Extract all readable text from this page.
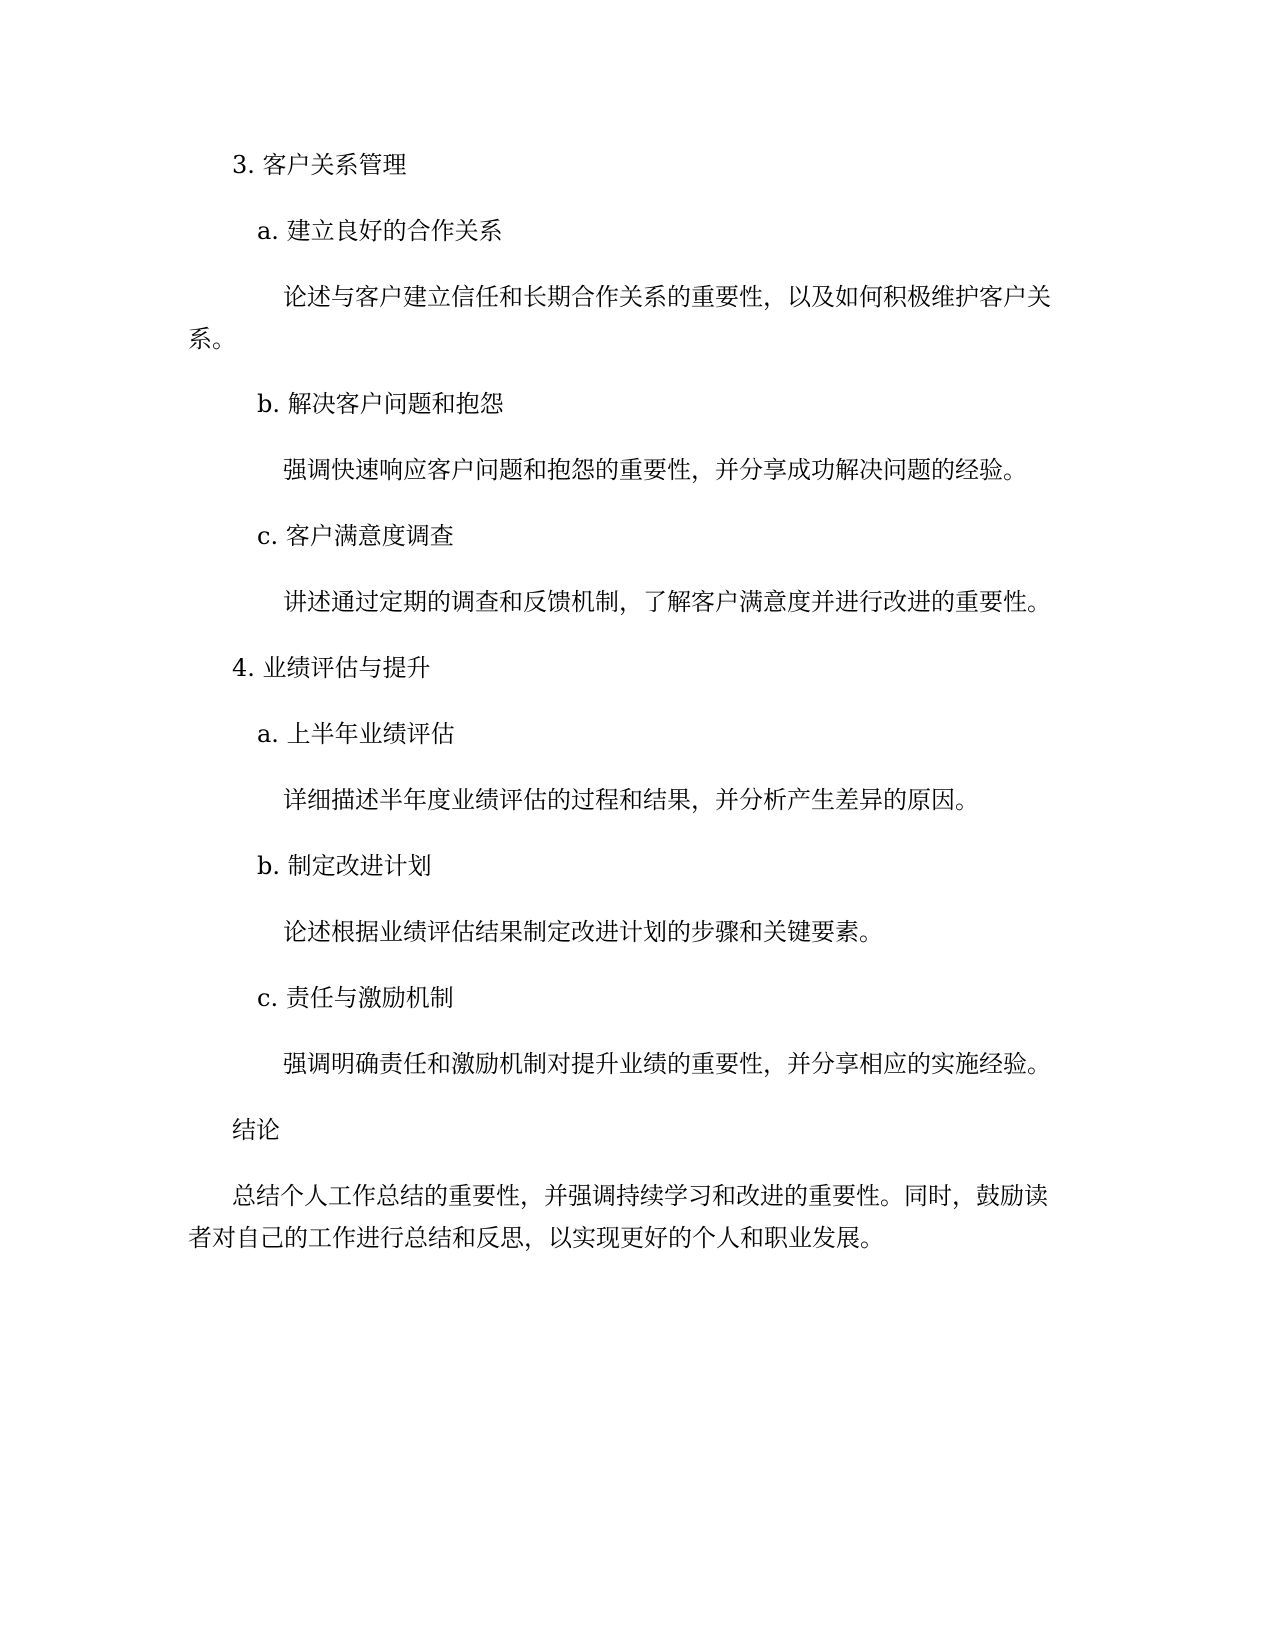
3. 客户关系管理

a. 建立良好的合作关系

论述与客户建立信任和长期合作关系的重要性，以及如何积极维护客户关

系。

b. 解决客户问题和抱怨

强调快速响应客户问题和抱怨的重要性，并分享成功解决问题的经验。

c. 客户满意度调查

讲述通过定期的调查和反馈机制，了解客户满意度并进行改进的重要性。

4. 业绩评估与提升

a. 上半年业绩评估

详细描述半年度业绩评估的过程和结果，并分析产生差异的原因。

b. 制定改进计划

论述根据业绩评估结果制定改进计划的步骤和关键要素。

c. 责任与激励机制

强调明确责任和激励机制对提升业绩的重要性，并分享相应的实施经验。

结论

总结个人工作总结的重要性，并强调持续学习和改进的重要性。同时，鼓励读

者对自己的工作进行总结和反思，以实现更好的个人和职业发展。
